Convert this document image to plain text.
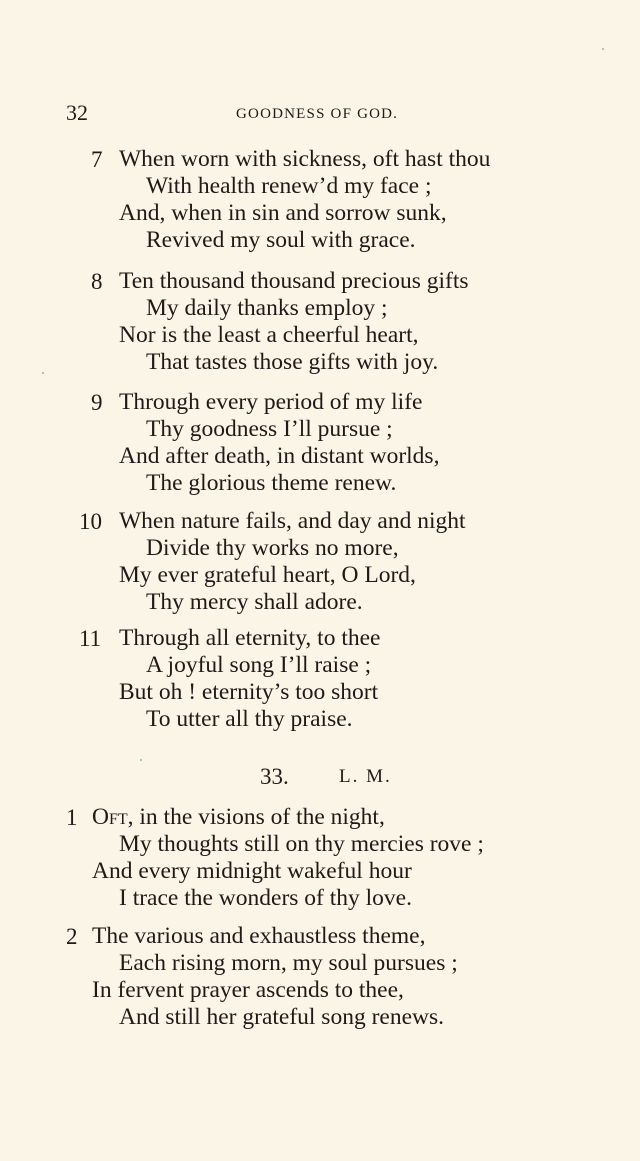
32	GOODNESS OF GOD.
7 When worn with sickness, oft hast thou
With health renew’d my face ;
And, when in sin and sorrow sunk,
Revived my soul with grace.
8 Ten thousand thousand precious gifts
My daily thanks employ ;
Nor is the least a cheerful heart,
That tastes those gifts with joy.
9 Through every period of my life
Thy goodness I’ll pursue ;
And after death, in distant worlds,
The glorious theme renew.
10 When nature fails, and day and night
Divide thy works no more,
My ever grateful heart, O Lord,
Thy mercy shall adore.
11 Through all eternity, to thee
A joyful song I’ll raise ;
But oh ! eternity’s too short
To utter all thy praise.
33.	L. M.
1 Oft, in the visions of the night,
My thoughts still on thy mercies rove ;
And every midnight wakeful hour
I trace the wonders of thy love.
2 The various and exhaustless theme,
Each rising morn, my soul pursues ;
In fervent prayer ascends to thee,
And still her grateful song renews.
